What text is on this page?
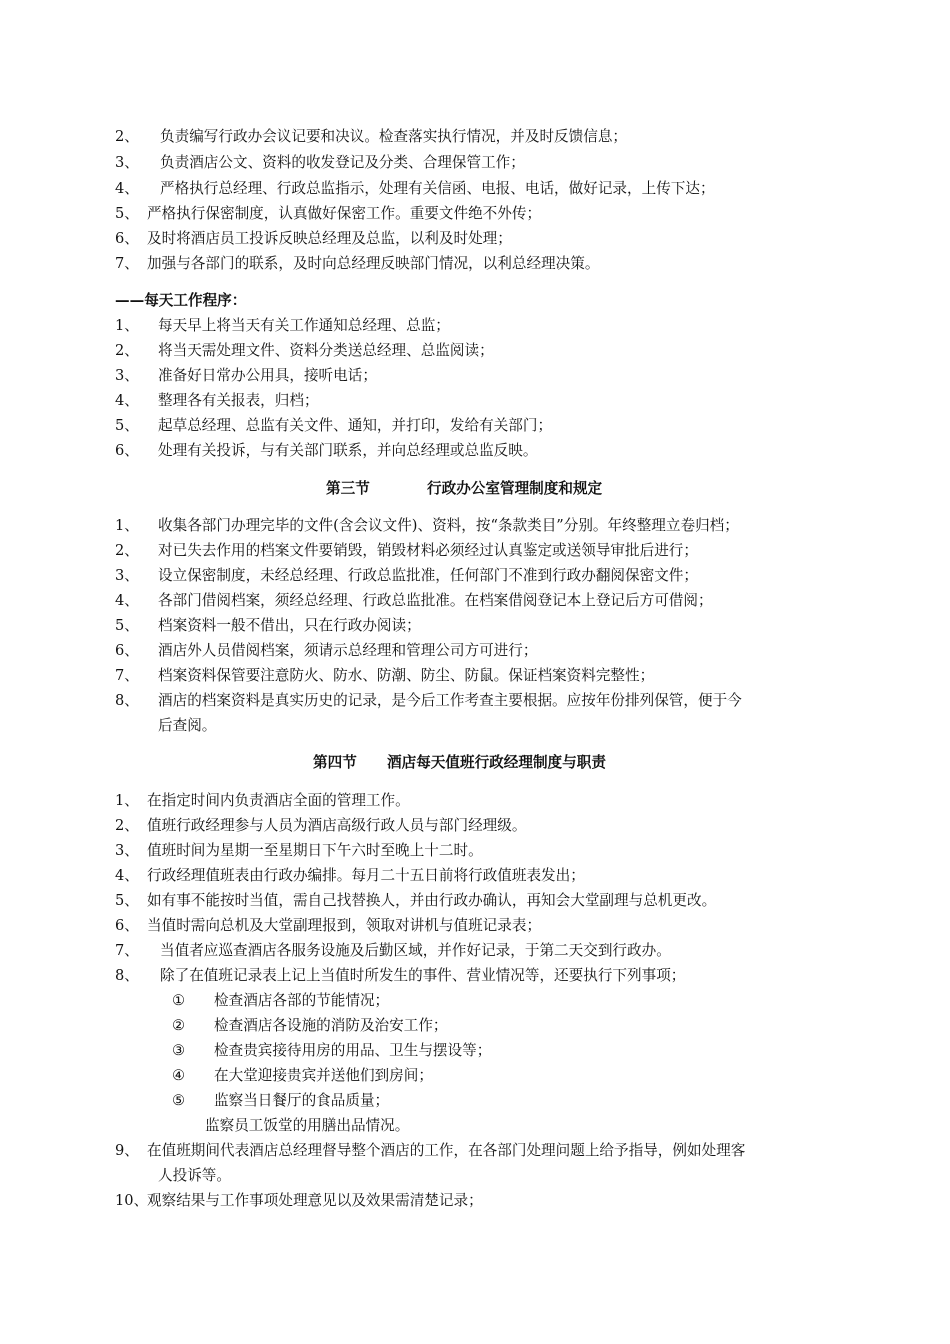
2、 负责编写行政办会议记要和决议。检查落实执行情况，并及时反馈信息；
3、 负责酒店公文、资料的收发登记及分类、合理保管工作；
4、 严格执行总经理、行政总监指示，处理有关信函、电报、电话，做好记录，上传下达；
5、 严格执行保密制度，认真做好保密工作。重要文件绝不外传；
6、 及时将酒店员工投诉反映总经理及总监，以利及时处理；
7、 加强与各部门的联系，及时向总经理反映部门情况，以利总经理决策。
——每天工作程序：
1、 每天早上将当天有关工作通知总经理、总监；
2、 将当天需处理文件、资料分类送总经理、总监阅读；
3、 准备好日常办公用具，接听电话；
4、 整理各有关报表，归档；
5、 起草总经理、总监有关文件、通知，并打印，发给有关部门；
6、 处理有关投诉，与有关部门联系，并向总经理或总监反映。
第三节	行政办公室管理制度和规定
1、 收集各部门办理完毕的文件(含会议文件)、资料，按“条款类目”分别。年终整理立卷归档；
2、 对已失去作用的档案文件要销毁，销毁材料必须经过认真鉴定或送领导审批后进行；
3、 设立保密制度，未经总经理、行政总监批准，任何部门不准到行政办翻阅保密文件；
4、 各部门借阅档案，须经总经理、行政总监批准。在档案借阅登记本上登记后方可借阅；
5、 档案资料一般不借出，只在行政办阅读；
6、 酒店外人员借阅档案，须请示总经理和管理公司方可进行；
7、 档案资料保管要注意防火、防水、防潮、防尘、防鼠。保证档案资料完整性；
8、 酒店的档案资料是真实历史的记录，是今后工作考查主要根据。应按年份排列保管，便于今
后查阅。
第四节 酒店每天值班行政经理制度与职责
1、 在指定时间内负责酒店全面的管理工作。
2、 值班行政经理参与人员为酒店高级行政人员与部门经理级。
3、 值班时间为星期一至星期日下午六时至晚上十二时。
4、 行政经理值班表由行政办编排。每月二十五日前将行政值班表发出；
5、 如有事不能按时当值，需自己找替换人，并由行政办确认，再知会大堂副理与总机更改。
6、 当值时需向总机及大堂副理报到，领取对讲机与值班记录表；
7、 当值者应巡查酒店各服务设施及后勤区域，并作好记录，于第二天交到行政办。
8、 除了在值班记录表上记上当值时所发生的事件、营业情况等，还要执行下列事项；
① 检查酒店各部的节能情况；
② 检查酒店各设施的消防及治安工作；
③ 检查贵宾接待用房的用品、卫生与摆设等；
④ 在大堂迎接贵宾并送他们到房间；
⑤ 监察当日餐厅的食品质量；
监察员工饭堂的用膳出品情况。
9、 在值班期间代表酒店总经理督导整个酒店的工作，在各部门处理问题上给予指导，例如处理客
人投诉等。
10、
观察结果与工作事项处理意见以及效果需清楚记录；
